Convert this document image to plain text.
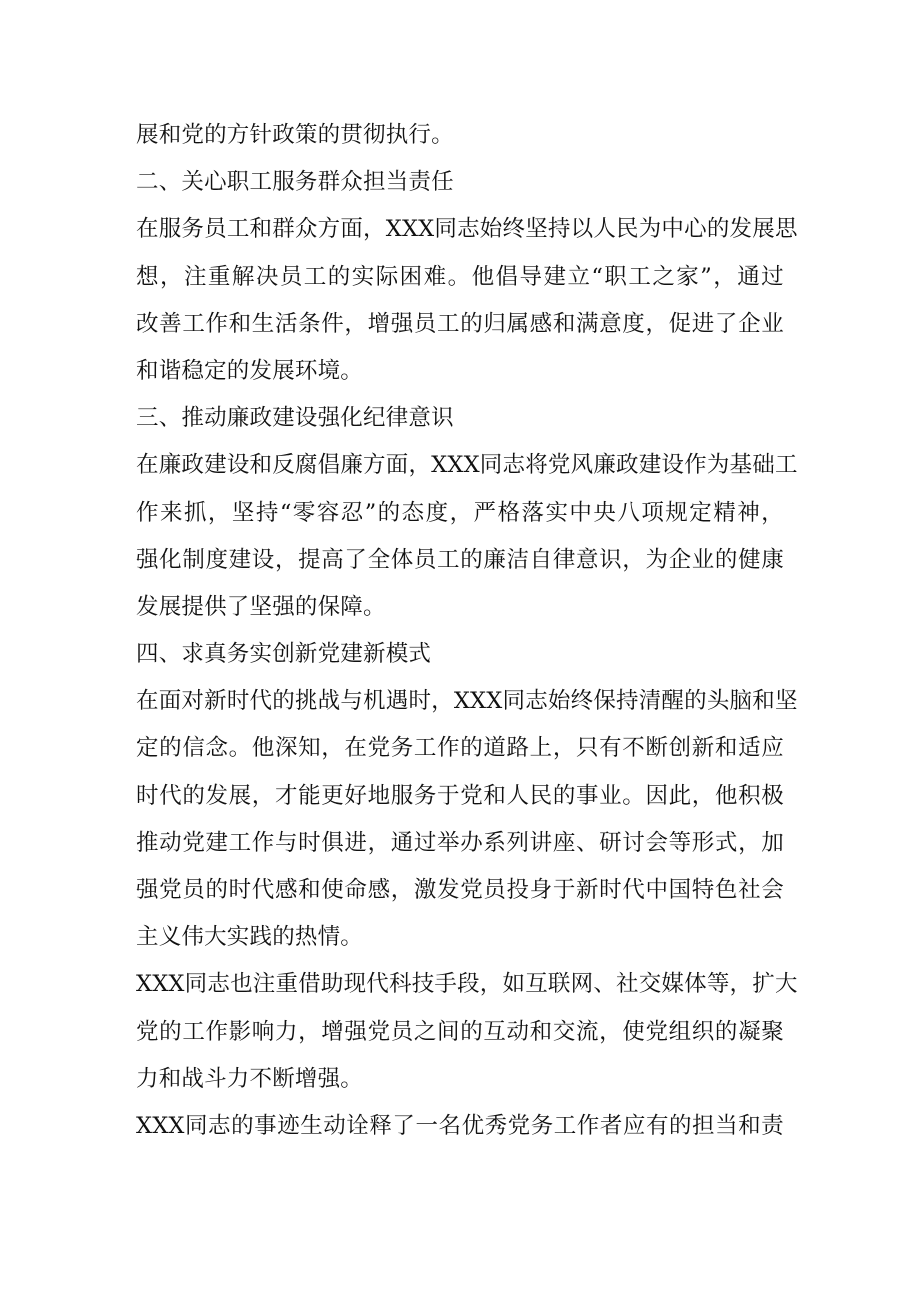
展和党的方针政策的贯彻执行。
二、关心职工服务群众担当责任
在 服 务 员 工 和 群 众 方 面 ， XXX 同 志 始 终 坚 持 以 人 民 为 中 心 的 发 展 思
想 ， 注 重 解 决 员 工 的 实 际 困 难 。 他 倡 导 建 立 “ 职 工 之 家 ” ， 通 过
改 善 工 作 和 生 活 条 件 ， 增 强 员 工 的 归 属 感 和 满 意 度 ， 促 进 了 企 业
和谐稳定的发展环境。
三、推动廉政建设强化纪律意识
在 廉 政 建 设 和 反 腐 倡 廉 方 面 ， XXX 同 志 将 党 风 廉 政 建 设 作 为 基 础 工
作 来 抓 ， 坚 持 “ 零 容 忍 ” 的 态 度 ， 严 格 落 实 中 央 八 项 规 定 精 神 ，
强 化 制 度 建 设 ， 提 高 了 全 体 员 工 的 廉 洁 自 律 意 识 ， 为 企 业 的 健 康
发展提供了坚强的保障。
四、求真务实创新党建新模式
在 面 对 新 时 代 的 挑 战 与 机 遇 时 ， XXX 同 志 始 终 保 持 清 醒 的 头 脑 和 坚
定 的 信 念 。 他 深 知 ， 在 党 务 工 作 的 道 路 上 ， 只 有 不 断 创 新 和 适 应
时 代 的 发 展 ， 才 能 更 好 地 服 务 于 党 和 人 民 的 事 业 。 因 此 ， 他 积 极
推 动 党 建 工 作 与 时 俱 进 ， 通 过 举 办 系 列 讲 座 、 研 讨 会 等 形 式 ， 加
强 党 员 的 时 代 感 和 使 命 感 ， 激 发 党 员 投 身 于 新 时 代 中 国 特 色 社 会
主义伟大实践的热情。
XXX 同 志 也 注 重 借 助 现 代 科 技 手 段 ， 如 互 联 网 、 社 交 媒 体 等 ， 扩 大
党 的 工 作 影 响 力 ， 增 强 党 员 之 间 的 互 动 和 交 流 ， 使 党 组 织 的 凝 聚
力和战斗力不断增强。
XXX 同 志 的 事 迹 生 动 诠 释 了 一 名 优 秀 党 务 工 作 者 应 有 的 担 当 和 责
